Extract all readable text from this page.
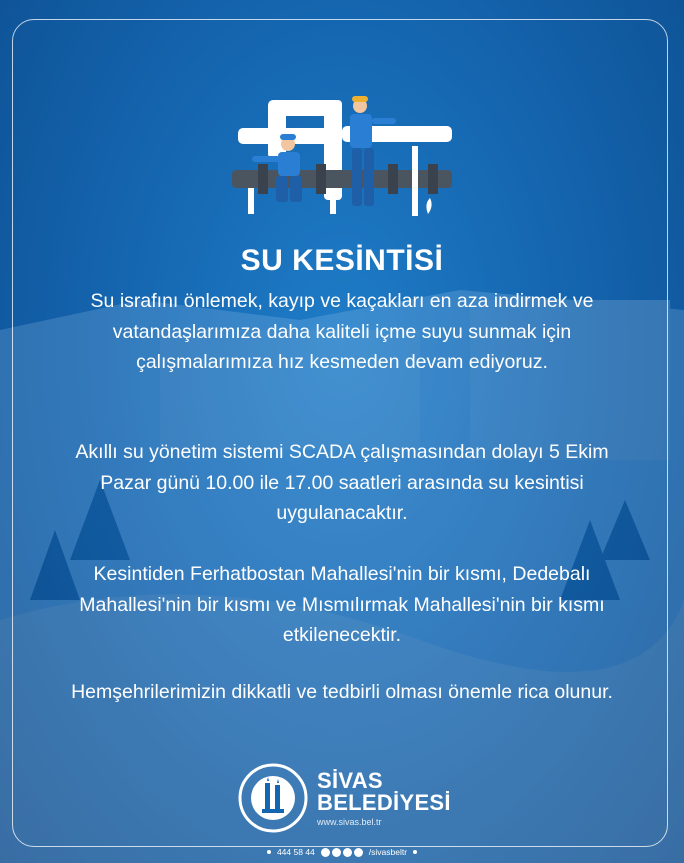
SU KESİNTİSİ

Su israfını önlemek, kayıp ve kaçakları en aza indirmek ve vatandaşlarımıza daha kaliteli içme suyu sunmak için çalışmalarımıza hız kesmeden devam ediyoruz.

Akıllı su yönetim sistemi SCADA çalışmasından dolayı 5 Ekim Pazar günü 10.00 ile 17.00 saatleri arasında su kesintisi uygulanacaktır.

Kesintiden Ferhatbostan Mahallesi'nin bir kısmı, Dedebalı Mahallesi'nin bir kısmı ve Mısmılırmak Mahallesi'nin bir kısmı etkilenecektir.

Hemşehrilerimizin dikkatli ve tedbirli olması önemle rica olunur.

SİVAS
BELEDİYESİ
www.sivas.bel.tr
444 58 44	/sivasbeltr
